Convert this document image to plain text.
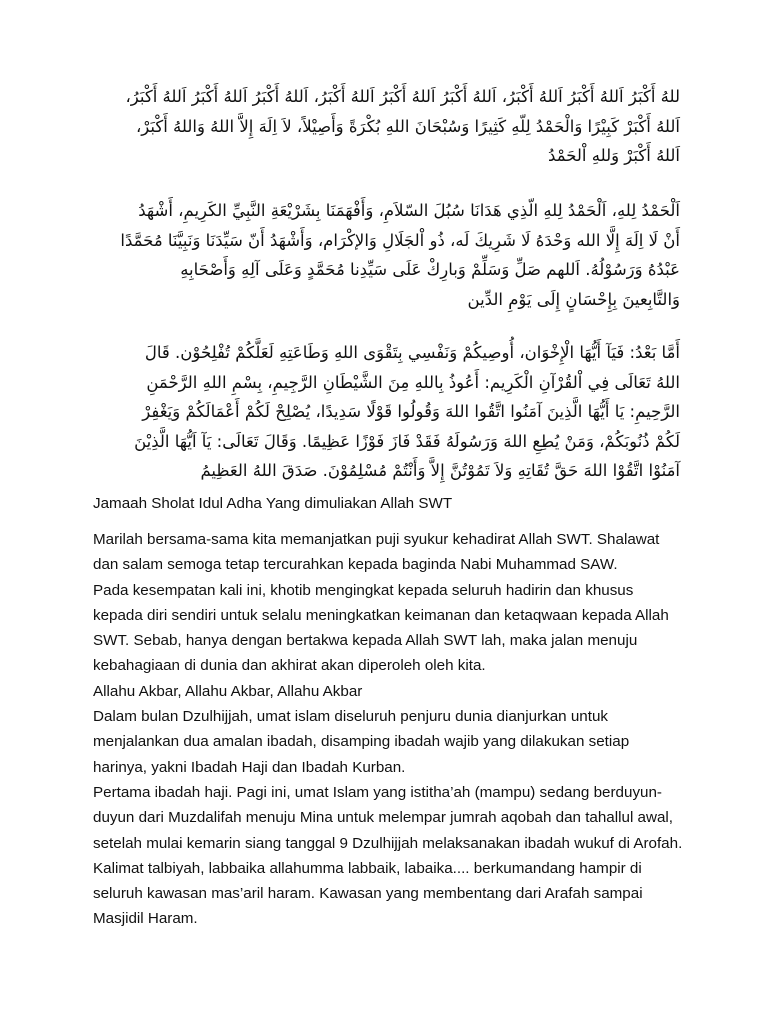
للهُ أَكْبَرُ اَللهُ أَكْبَرُ اَللهُ أَكْبَرُ، اَللهُ أَكْبَرُ اَللهُ أَكْبَرُ اَللهُ أَكْبَرُ، اَللهُ أَكْبَرُ اَللهُ أَكْبَرُ اَللهُ أَكْبَرُ،

اَللهُ أَكْبَرْ كَبِيْرًا وَالْحَمْدُ لِلّهِ كَثِيرًا وَسُبْحَانَ اللهِ بُكْرَةً وَأَصِيْلاً، لاَ اِلَهَ إِلاَّ اللهُ وَاللهُ أَكْبَرْ،

اَللهُ أَكْبَرْ وَللهِ اْلحَمْدُ

اَلْحَمْدُ لِلهِ، اَلْحَمْدُ لِلهِ الّذِي هَدَانَا سُبُلَ السّلاَمِ، وَأَفْهَمَنَا بِشَرْيْعَةِ النَّبِيِّ الكَرِيمِ، أَشْهَدُ

أَنْ لَا اِلَهَ إِلَّا الله وَحْدَهُ لَا شَرِيكَ لَه، ذُو اْلجَلَالِ وَالإكْرَام، وَأَشْهَدُ أَنّ سَيِّدَنَا وَنَبِيَّنَا مُحَمَّدًا

عَبْدُهُ وَرَسُوْلُهُ. اَللهم صَلِّ وَسَلِّمْ وَبارِكْ عَلَى سَيِّدِنا مُحَمَّدٍ وَعَلَى آلِهِ وَأَصْحَابِهِ

وَالتَّابِعينَ بِإِحْسَانٍ إِلَى يَوْمِ الدِّين

أَمَّا بَعْدُ: فَيَآ أَيُّهَا الْإِخْوَان، أُوصِيكُمْ وَنَفْسِي بِتَقْوَى اللهِ وَطَاعَتِهِ لَعَلَّكُمْ تُفْلِحُوْن. قَالَ

اللهُ تَعَالَى فِي اْلقُرْآنِ الْكَرِيم: أَعُوذُ بِاللهِ مِنَ الشَّيْطَانِ الرَّجِيمِ، بِسْمِ اللهِ الرَّحْمَنِ

الرَّحِيمِ: يَا أَيُّهَا الَّذِينَ آمَنُوا اتَّقُوا اللهَ وَقُولُوا قَوْلًا سَدِيدًا، يُصْلِحْ لَكُمْ أَعْمَالَكُمْ وَيَغْفِرْ

لَكُمْ ذُنُوبَكُمْ، وَمَنْ يُطِعِ اللهَ وَرَسُولَهُ فَقَدْ فَازَ فَوْزًا عَظِيمًا. وَقَالَ تَعَالَى: يَآ اَيُّهَا الَّذِيْنَ

آمَنُوْا اتَّقُوْا اللهَ حَقَّ تُقَاتِهِ وَلاَ تَمُوْتُنَّ إِلاَّ وَأَنْتُمْ مُسْلِمُوْنَ. صَدَقَ اللهُ العَظِيمُ

Jamaah Sholat Idul Adha Yang dimuliakan Allah SWT

Marilah bersama-sama kita memanjatkan puji syukur kehadirat Allah SWT. Shalawat dan salam semoga tetap tercurahkan kepada baginda Nabi Muhammad SAW.

Pada kesempatan kali ini, khotib mengingkat kepada seluruh hadirin dan khusus kepada diri sendiri untuk selalu meningkatkan keimanan dan ketaqwaan kepada Allah SWT. Sebab, hanya dengan bertakwa kepada Allah SWT lah, maka jalan menuju kebahagiaan di dunia dan akhirat akan diperoleh oleh kita.

Allahu Akbar, Allahu Akbar, Allahu Akbar

Dalam bulan Dzulhijjah, umat islam diseluruh penjuru dunia dianjurkan untuk menjalankan dua amalan ibadah, disamping ibadah wajib yang dilakukan setiap harinya, yakni Ibadah Haji dan Ibadah Kurban.

Pertama ibadah haji. Pagi ini, umat Islam yang istitha’ah (mampu) sedang berduyun-duyun dari Muzdalifah menuju Mina untuk melempar jumrah aqobah dan tahallul awal, setelah mulai kemarin siang tanggal 9 Dzulhijjah melaksanakan ibadah wukuf di Arofah. Kalimat talbiyah, labbaika allahumma labbaik, labaika.... berkumandang hampir di seluruh kawasan mas’aril haram. Kawasan yang membentang dari Arafah sampai Masjidil Haram.
